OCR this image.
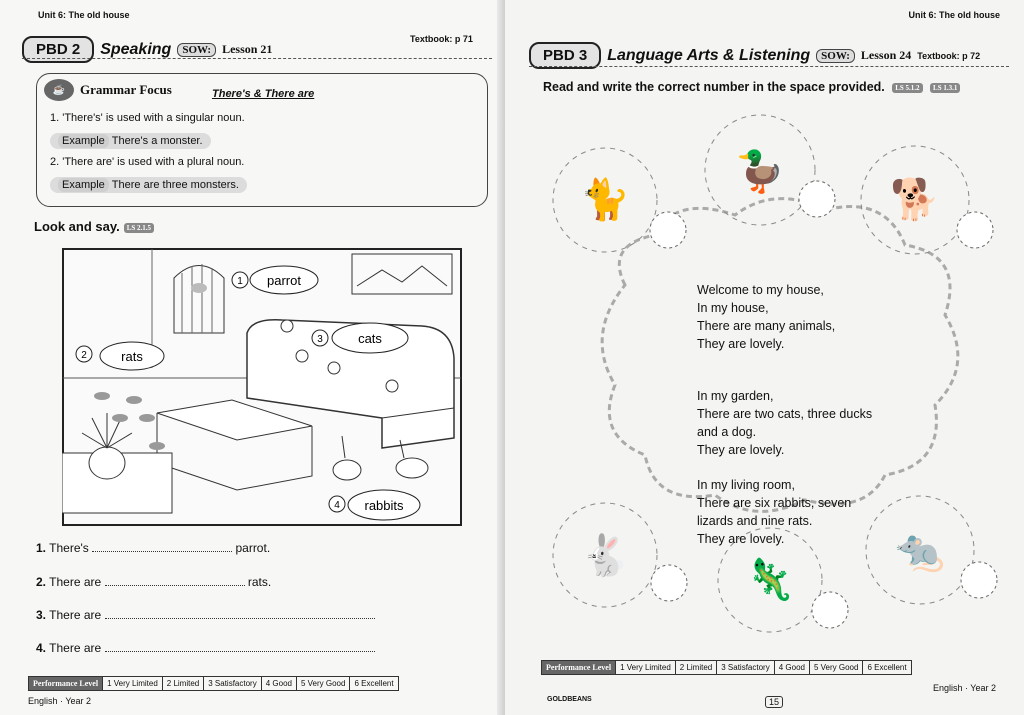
Unit 6: The old house
PBD 2	Speaking	SOW: Lesson 21
Textbook: p 71
☕	Grammar Focus	There's & There are
1. 'There's' is used with a singular noun.
Example There's a monster.
2. 'There are' is used with a plural noun.
Example There are three monsters.
Look and say. LS 2.1.5
1 parrot
2	rats
3	cats
4 rabbits
1. There's	parrot.
2. There are	rats.
3. There are
4. There are
Performance Level	1 Very Limited	2 Limited	3 Satisfactory	4 Good	5 Very Good	6 Excellent
English · Year 2
Unit 6: The old house
PBD 3	Language Arts & Listening	SOW: Lesson 24 Textbook: p 72
Read and write the correct number in the space provided. LS 5.1.2 LS 1.3.1
🐈
🦆
🐕
🐇
🦎
🐀

Welcome to my house,
In my house,
There are many animals,
They are lovely.

In my garden,
There are two cats, three ducks
and a dog.
They are lovely.
In my living room,
There are six rabbits, seven
lizards and nine rats.
They are lovely.
Performance Level	1 Very Limited	2 Limited	3 Satisfactory	4 Good	5 Very Good	6 Excellent
English · Year 2
GOLDBEANS	15
